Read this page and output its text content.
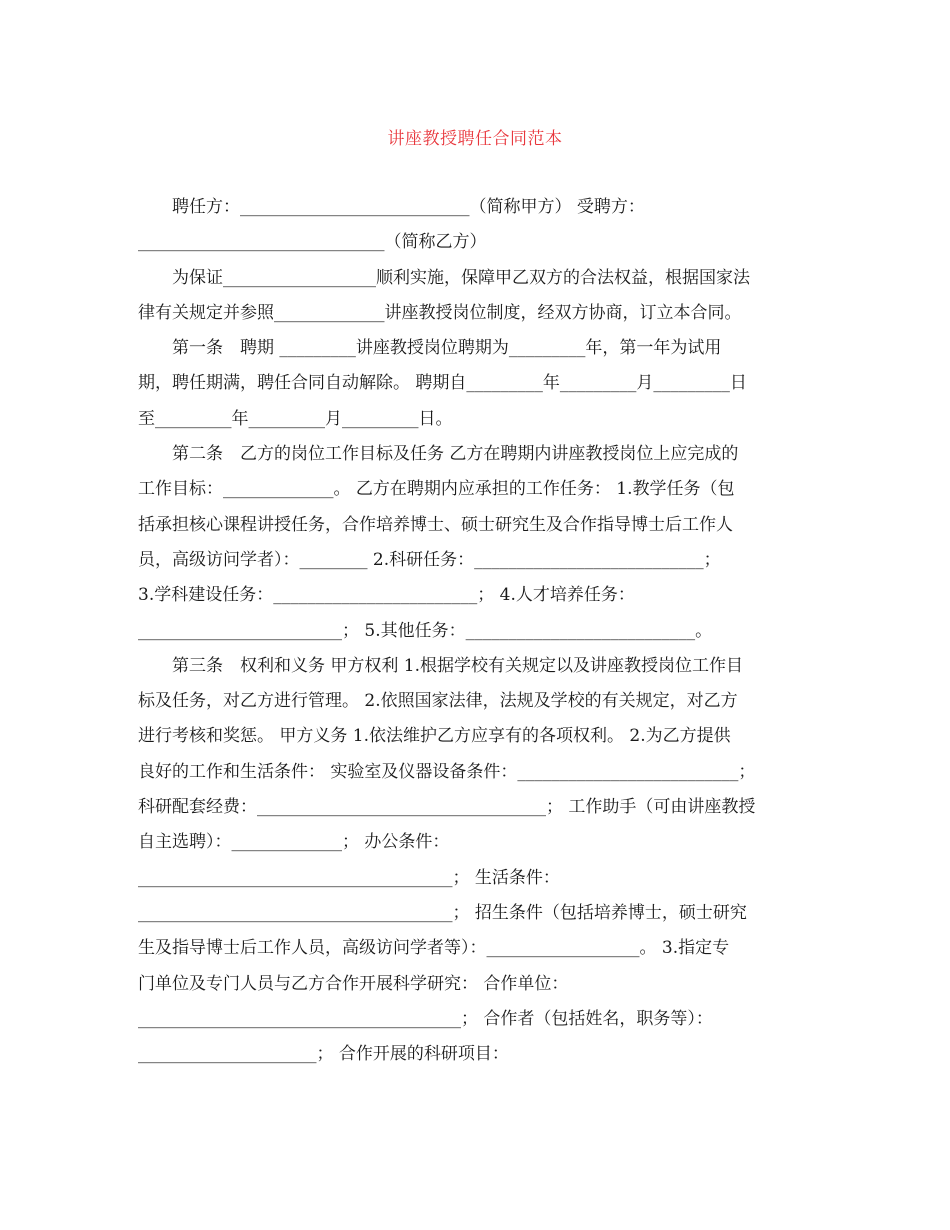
讲座教授聘任合同范本
聘任方：___________________________（简称甲方） 受聘方：
_____________________________（简称乙方）
为保证__________________顺利实施，保障甲乙双方的合法权益，根据国家法
律有关规定并参照_____________讲座教授岗位制度，经双方协商，订立本合同。
第一条　聘期 _________讲座教授岗位聘期为_________年，第一年为试用
期，聘任期满，聘任合同自动解除。 聘期自_________年_________月_________日
至_________年_________月_________日。
第二条　乙方的岗位工作目标及任务 乙方在聘期内讲座教授岗位上应完成的
工作目标：_____________。 乙方在聘期内应承担的工作任务： 1.教学任务（包
括承担核心课程讲授任务，合作培养博士、硕士研究生及合作指导博士后工作人
员，高级访问学者）：________ 2.科研任务：___________________________；
3.学科建设任务：________________________； 4.人才培养任务：
________________________； 5.其他任务：___________________________。
第三条　权利和义务 甲方权利 1.根据学校有关规定以及讲座教授岗位工作目
标及任务，对乙方进行管理。 2.依照国家法律，法规及学校的有关规定，对乙方
进行考核和奖惩。 甲方义务 1.依法维护乙方应享有的各项权利。 2.为乙方提供
良好的工作和生活条件： 实验室及仪器设备条件：__________________________；
科研配套经费：__________________________________； 工作助手（可由讲座教授
自主选聘）：_____________； 办公条件：
_____________________________________； 生活条件：
_____________________________________； 招生条件（包括培养博士，硕士研究
生及指导博士后工作人员，高级访问学者等）：__________________。 3.指定专
门单位及专门人员与乙方合作开展科学研究： 合作单位：
______________________________________； 合作者（包括姓名，职务等）：
_____________________； 合作开展的科研项目：
